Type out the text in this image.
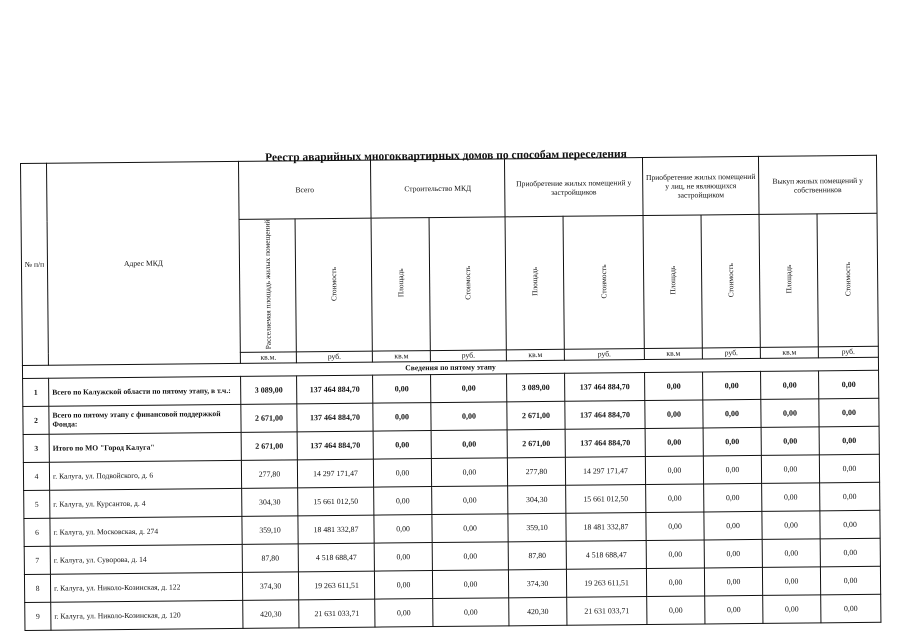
Реестр аварийных многоквартирных домов по способам переселения
№ п/п	Адрес МКД	Всего		Строительство МКД		Приобретение жилых помещений у застройщиков		Приобретение жилых помещений у лиц, не являющихся застройщиком		Выкуп жилых помещений у собственников	
		Расселяемая площадь жилых помещений	Стоимость	Площадь	Стоимость	Площадь	Стоимость	Площадь	Стоимость	Площадь	Стоимость
		кв.м.	руб.	кв.м	руб.	кв.м	руб.	кв.м	руб.	кв.м	руб.
Сведения по пятому этапу											
1	Всего по Калужской области по пятому этапу, в т.ч.:	3 089,00	137 464 884,70	0,00	0,00	3 089,00	137 464 884,70	0,00	0,00	0,00	0,00
2	Всего по пятому этапу с финансовой поддержкой Фонда:	2 671,00	137 464 884,70	0,00	0,00	2 671,00	137 464 884,70	0,00	0,00	0,00	0,00
3	Итого по МО "Город Калуга"	2 671,00	137 464 884,70	0,00	0,00	2 671,00	137 464 884,70	0,00	0,00	0,00	0,00
4	г. Калуга, ул. Подвойского, д. 6	277,80	14 297 171,47	0,00	0,00	277,80	14 297 171,47	0,00	0,00	0,00	0,00
5	г. Калуга, ул. Курсантов, д. 4	304,30	15 661 012,50	0,00	0,00	304,30	15 661 012,50	0,00	0,00	0,00	0,00
6	г. Калуга, ул. Московская, д. 274	359,10	18 481 332,87	0,00	0,00	359,10	18 481 332,87	0,00	0,00	0,00	0,00
7	г. Калуга, ул. Суворова, д. 14	87,80	4 518 688,47	0,00	0,00	87,80	4 518 688,47	0,00	0,00	0,00	0,00
8	г. Калуга, ул. Николо-Козинская, д. 122	374,30	19 263 611,51	0,00	0,00	374,30	19 263 611,51	0,00	0,00	0,00	0,00
9	г. Калуга, ул. Николо-Козинская, д. 120	420,30	21 631 033,71	0,00	0,00	420,30	21 631 033,71	0,00	0,00	0,00	0,00
